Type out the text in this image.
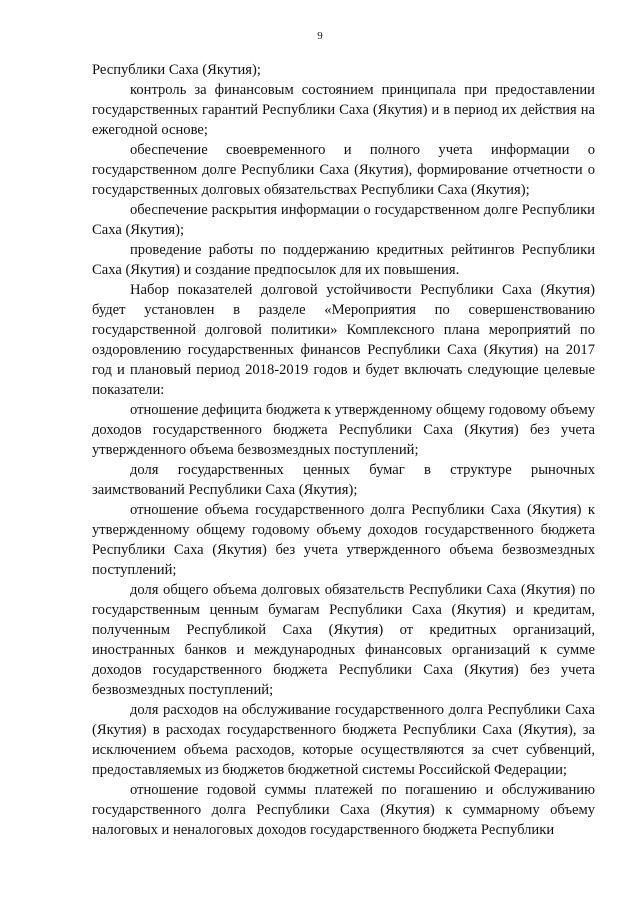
9

Республики Саха (Якутия);

контроль за финансовым состоянием принципала при предоставлении государственных гарантий Республики Саха (Якутия) и в период их действия на ежегодной основе;

обеспечение своевременного и полного учета информации о государственном долге Республики Саха (Якутия), формирование отчетности о государственных долговых обязательствах Республики Саха (Якутия);

обеспечение раскрытия информации о государственном долге Республики Саха (Якутия);

проведение работы по поддержанию кредитных рейтингов Республики Саха (Якутия) и создание предпосылок для их повышения.

Набор показателей долговой устойчивости Республики Саха (Якутия) будет установлен в разделе «Мероприятия по совершенствованию государственной долговой политики» Комплексного плана мероприятий по оздоровлению государственных финансов Республики Саха (Якутия) на 2017 год и плановый период 2018-2019 годов и будет включать следующие целевые показатели:

отношение дефицита бюджета к утвержденному общему годовому объему доходов государственного бюджета Республики Саха (Якутия) без учета утвержденного объема безвозмездных поступлений;

доля государственных ценных бумаг в структуре рыночных заимствований Республики Саха (Якутия);

отношение объема государственного долга Республики Саха (Якутия) к утвержденному общему годовому объему доходов государственного бюджета Республики Саха (Якутия) без учета утвержденного объема безвозмездных поступлений;

доля общего объема долговых обязательств Республики Саха (Якутия) по государственным ценным бумагам Республики Саха (Якутия) и кредитам, полученным Республикой Саха (Якутия) от кредитных организаций, иностранных банков и международных финансовых организаций к сумме доходов государственного бюджета Республики Саха (Якутия) без учета безвозмездных поступлений;

доля расходов на обслуживание государственного долга Республики Саха (Якутия) в расходах государственного бюджета Республики Саха (Якутия), за исключением объема расходов, которые осуществляются за счет субвенций, предоставляемых из бюджетов бюджетной системы Российской Федерации;

отношение годовой суммы платежей по погашению и обслуживанию государственного долга Республики Саха (Якутия) к суммарному объему налоговых и неналоговых доходов государственного бюджета Республики
